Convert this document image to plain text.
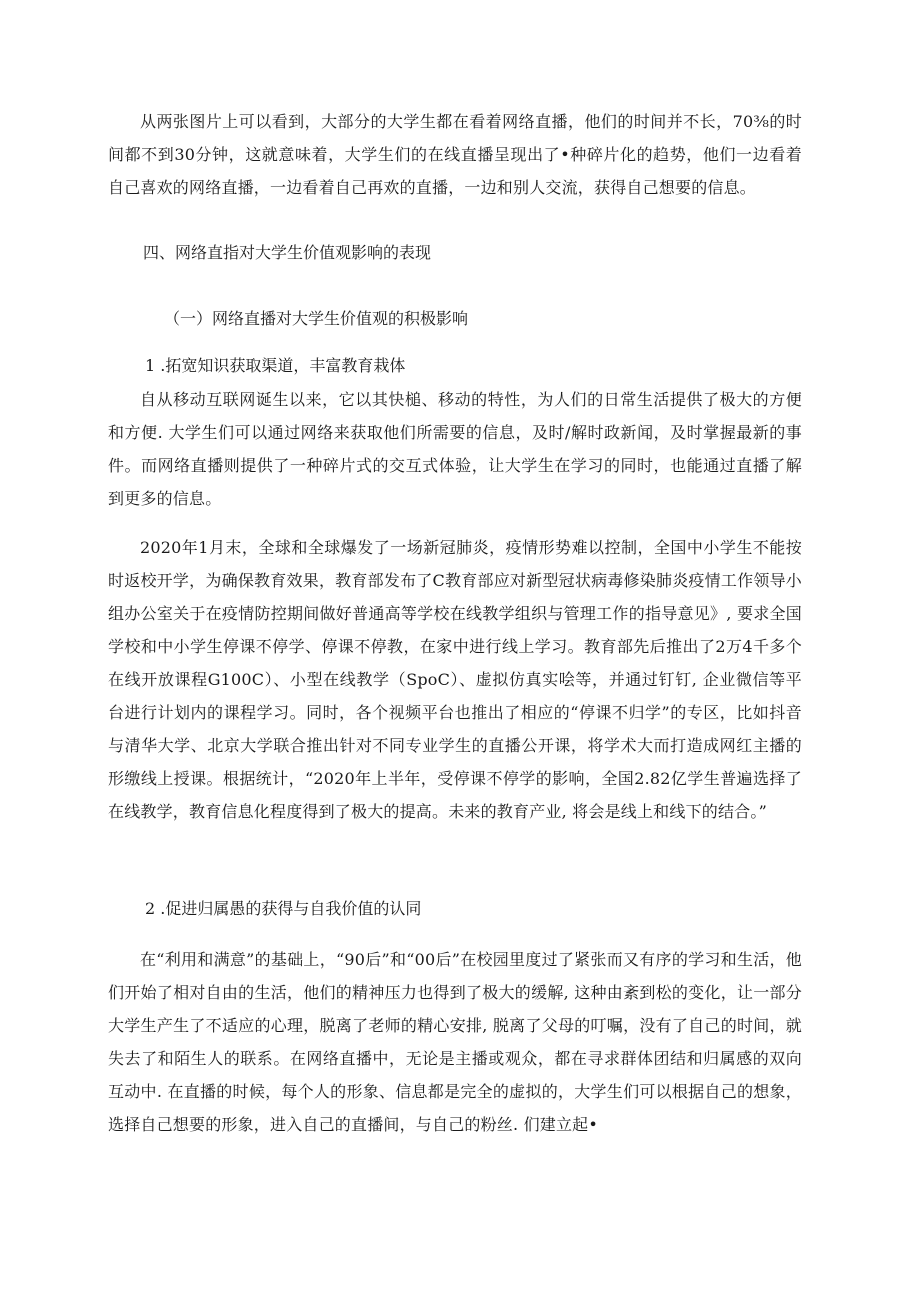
从两张图片上可以看到，大部分的大学生都在看着网络直播，他们的时间并不长，70⅜的时间都不到30分钟，这就意味着，大学生们的在线直播呈现出了•种碎片化的趋势，他们一边看着自己喜欢的网络直播，一边看着自己再欢的直播，一边和别人交流，获得自己想要的信息。

四、网络直指对大学生价值观影响的表现

（一）网络直播对大学生价值观的积极影响

1 .拓宽知识获取渠道，丰富教育栽体

自从移动互联网诞生以来，它以其快槌、移动的特性，为人们的日常生活提供了极大的方便和方便. 大学生们可以通过网络来获取他们所需要的信息，及时/解时政新闻，及时掌握最新的事件。而网络直播则提供了一种碎片式的交互式体验，让大学生在学习的同时，也能通过直播了解到更多的信息。

2020年1月末，全球和全球爆发了一场新冠肺炎，疫情形势难以控制，全国中小学生不能按时返校开学，为确保教育效果，教育部发布了C教育部应对新型冠状病毒修染肺炎疫情工作领导小组办公室关于在疫情防控期间做好普通高等学校在线教学组织与管理工作的指导意见》, 要求全国学校和中小学生停课不停学、停课不停教，在家中进行线上学习。教育部先后推出了2万4千多个在线开放课程G100C）、小型在线教学（SpoC）、虚拟仿真实哙等，并通过钉钉, 企业微信等平台进行计划内的课程学习。同时，各个视频平台也推出了相应的“停课不归学”的专区，比如抖音与清华大学、北京大学联合推出针对不同专业学生的直播公开课，将学术大而打造成网红主播的形缴线上授课。根据统计，“2020年上半年，受停课不停学的影响，全国2.82亿学生普遍选择了在线教学，教育信息化程度得到了极大的提高。未来的教育产业, 将会是线上和线下的结合。”

2 .促进归属愚的获得与自我价值的认同

在“利用和满意”的基础上，“90后”和“00后”在校园里度过了紧张而又有序的学习和生活，他们开始了相对自由的生活，他们的精神压力也得到了极大的缓解, 这种由紊到松的变化，让一部分大学生产生了不适应的心理，脱离了老师的精心安排, 脱离了父母的叮嘱，没有了自己的时间，就失去了和陌生人的联系。在网络直播中，无论是主播或观众，都在寻求群体团结和归属感的双向互动中. 在直播的时候，每个人的形象、信息都是完全的虚拟的，大学生们可以根据自己的想象，选择自己想要的形象，进入自己的直播间，与自己的粉丝. 们建立起•
